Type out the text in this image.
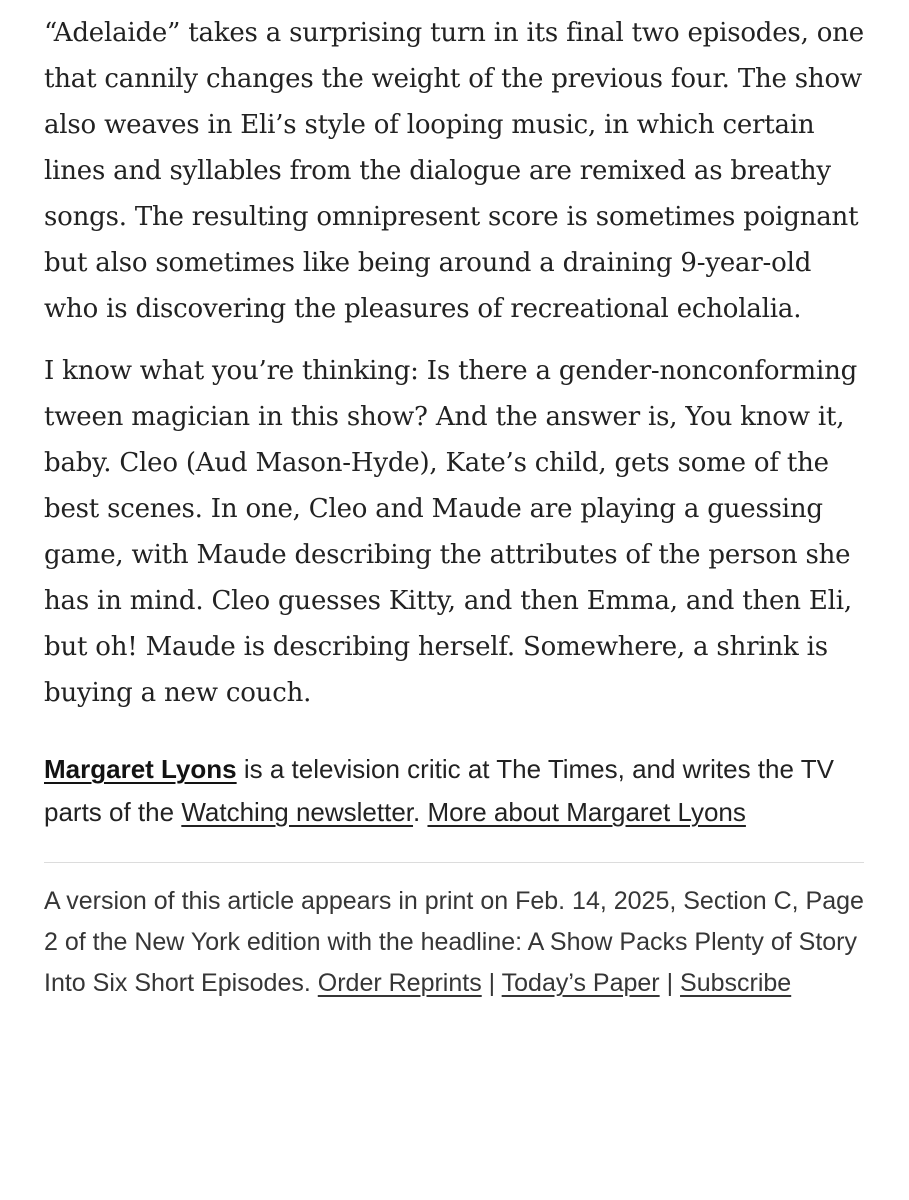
“Adelaide” takes a surprising turn in its final two episodes, one that cannily changes the weight of the previous four. The show also weaves in Eli’s style of looping music, in which certain lines and syllables from the dialogue are remixed as breathy songs. The resulting omnipresent score is sometimes poignant but also sometimes like being around a draining 9-year-old who is discovering the pleasures of recreational echolalia.

I know what you’re thinking: Is there a gender-nonconforming tween magician in this show? And the answer is, You know it, baby. Cleo (Aud Mason-Hyde), Kate’s child, gets some of the best scenes. In one, Cleo and Maude are playing a guessing game, with Maude describing the attributes of the person she has in mind. Cleo guesses Kitty, and then Emma, and then Eli, but oh! Maude is describing herself. Somewhere, a shrink is buying a new couch.

Margaret Lyons is a television critic at The Times, and writes the TV parts of the Watching newsletter. More about Margaret Lyons

A version of this article appears in print on Feb. 14, 2025, Section C, Page 2 of the New York edition with the headline: A Show Packs Plenty of Story Into Six Short Episodes. Order Reprints | Today’s Paper | Subscribe
